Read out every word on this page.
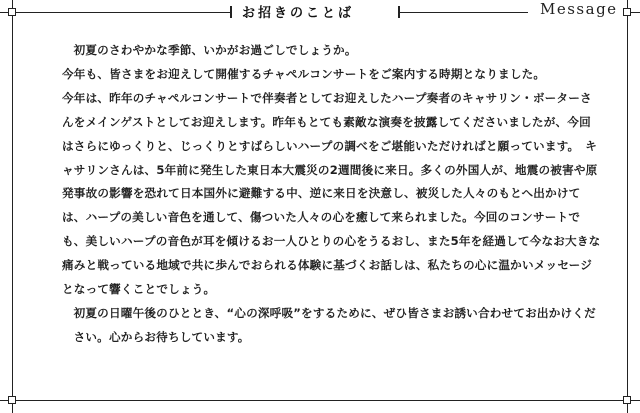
お招きのことば	Message

初夏のさわやかな季節、いかがお過ごしでしょうか。

今年も、皆さまをお迎えして開催するチャペルコンサートをご案内する時期となりました。

今年は、昨年のチャペルコンサートで伴奏者としてお迎えしたハープ奏者のキャサリン・ボーターさんをメインゲストとしてお迎えします。昨年もとても素敵な演奏を披露してくださいましたが、今回はさらにゆっくりと、じっくりとすばらしいハープの調べをご堪能いただければと願っています。　キャサリンさんは、5年前に発生した東日本大震災の2週間後に来日。多くの外国人が、地震の被害や原発事故の影響を恐れて日本国外に避難する中、逆に来日を決意し、被災した人々のもとへ出かけては、ハープの美しい音色を通して、傷ついた人々の心を癒して来られました。今回のコンサートでも、美しいハープの音色が耳を傾けるお一人ひとりの心をうるおし、また5年を経過して今なお大きな痛みと戦っている地域で共に歩んでおられる体験に基づくお話しは、私たちの心に温かいメッセージとなって響くことでしょう。

初夏の日曜午後のひととき、“心の深呼吸”をするために、ぜひ皆さまお誘い合わせてお出かけください。心からお待ちしています。
